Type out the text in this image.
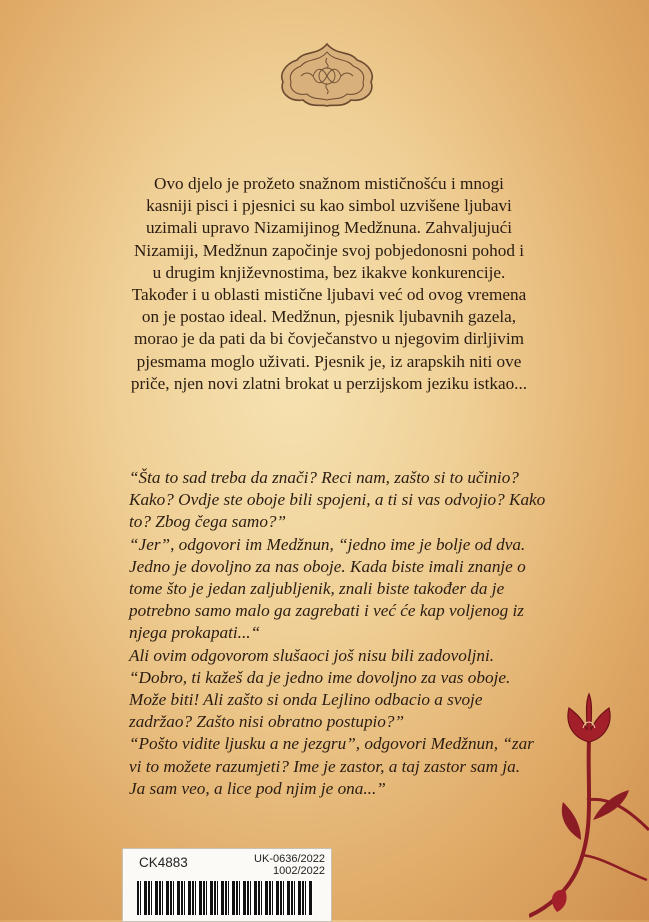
Ovo djelo je prožeto snažnom mističnošću i mnogi
kasniji pisci i pjesnici su kao simbol uzvišene ljubavi
uzimali upravo Nizamijinog Medžnuna. Zahvaljujući
Nizamiji, Medžnun započinje svoj pobjedonosni pohod i
u drugim književnostima, bez ikakve konkurencije.
Također i u oblasti mistične ljubavi već od ovog vremena
on je postao ideal. Medžnun, pjesnik ljubavnih gazela,
morao je da pati da bi čovječanstvo u njegovim dirljivim
pjesmama moglo uživati. Pjesnik je, iz arapskih niti ove
priče, njen novi zlatni brokat u perzijskom jeziku istkao...
“Šta to sad treba da znači? Reci nam, zašto si to učinio?
Kako? Ovdje ste oboje bili spojeni, a ti si vas odvojio? Kako
to? Zbog čega samo?”
“Jer”, odgovori im Medžnun, “jedno ime je bolje od dva.
Jedno je dovoljno za nas oboje. Kada biste imali znanje o
tome što je jedan zaljubljenik, znali biste također da je
potrebno samo malo ga zagrebati i već će kap voljenog iz
njega prokapati...“
Ali ovim odgovorom slušaoci još nisu bili zadovoljni.
“Dobro, ti kažeš da je jedno ime dovoljno za vas oboje.
Može biti! Ali zašto si onda Lejlino odbacio a svoje
zadržao? Zašto nisi obratno postupio?”
“Pošto vidite ljusku a ne jezgru”, odgovori Medžnun, “zar
vi to možete razumjeti? Ime je zastor, a taj zastor sam ja.
Ja sam veo, a lice pod njim je ona...”
CK4883	UK-0636/2022
1002/2022
